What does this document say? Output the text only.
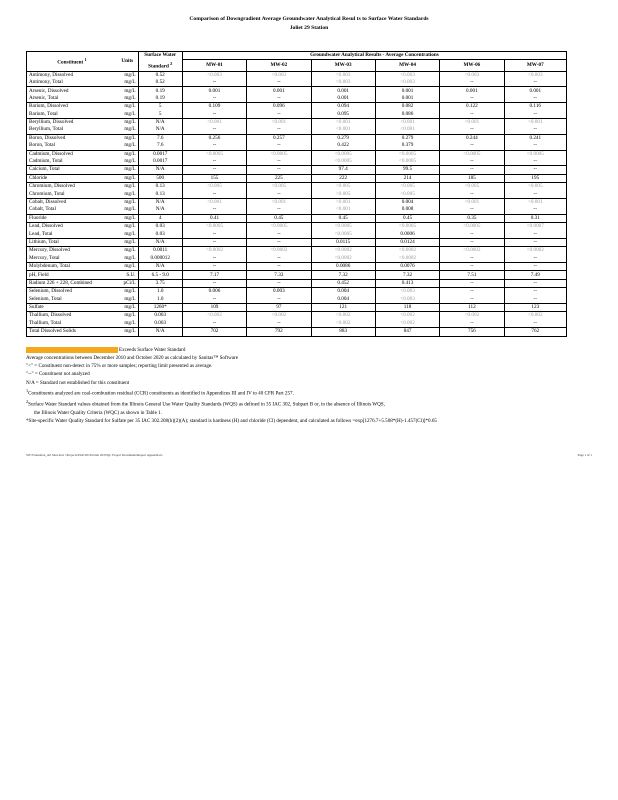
Comparison of Downgradient Average Groundwater Analytical Resul ts to Surface Water Standards
Joliet 29 Station
Constituent $^1$	Units	Surface Water	Groundwater Analytical Results - Average Concentrations					
		Standard $^2$	MW-01	MW-02	MW-03	MW-04	MW-06	MW-07
Antimony, Dissolved	mg/L	0.52	<0.003	<0.003	<0.003	<0.003	<0.003	<0.003
Antimony, Total	mg/L	0.52	--	--	<0.003	<0.003	--	--
Arsenic, Dissolved	mg/L	0.19	0.001	0.001	0.001	0.001	0.001	0.001
Arsenic, Total	mg/L	0.19	--	--	0.001	0.001	--	--
Barium, Dissolved	mg/L	5	0.109	0.096	0.094	0.082	0.122	0.116
Barium, Total	mg/L	5	--	--	0.095	0.086	--	--
Beryllium, Dissolved	mg/L	N/A	<0.001	<0.001	<0.001	<0.001	<0.001	<0.001
Beryllium, Total	mg/L	N/A	--	--	<0.001	<0.001	--	--
Boron, Dissolved	mg/L	7.6	0.256	0.257	0.279	0.279	0.244	0.241
Boron, Total	mg/L	7.6	--	--	0.422	0.379	--	--
Cadmium, Dissolved	mg/L	0.0017	<0.0005	<0.0005	<0.0005	<0.0005	<0.0005	<0.0005
Cadmium, Total	mg/L	0.0017	--	--	<0.0005	<0.0005	--	--
Calcium, Total	mg/L	N/A	--	--	97.4	99.5	--	--
Chloride	mg/L	500	155	225	222	214	185	195
Chromium, Dissolved	mg/L	0.13	<0.005	<0.005	<0.005	<0.005	<0.005	<0.005
Chromium, Total	mg/L	0.13	--	--	<0.005	<0.005	--	--
Cobalt, Dissolved	mg/L	N/A	<0.001	<0.001	<0.001	0.004	<0.001	<0.001
Cobalt, Total	mg/L	N/A	--	--	<0.001	0.008	--	--
Fluoride	mg/L	4	0.41	0.45	0.45	0.45	0.35	0.31
Lead, Dissolved	mg/L	0.03	<0.0005	<0.0005	<0.0005	<0.0005	<0.0005	<0.0007
Lead, Total	mg/L	0.03	--	--	<0.0005	0.0006	--	--
Lithium, Total	mg/L	N/A	--	--	0.0115	0.0124	--	--
Mercury, Dissolved	mg/L	0.0011	<0.0002	<0.0002	<0.0002	<0.0002	<0.0002	<0.0002
Mercury, Total	mg/L	0.000012	--	--	<0.0002	<0.0002	--	--
Molybdenum, Total	mg/L	N/A	--	--	0.0086	0.0076	--	--
pH, Field	S.U.	6.5 - 9.0	7.17	7.33	7.32	7.32	7.51	7.49
Radium 226 + 228, Combined	pCi/L	3.75	--	--	0.452	0.413	--	--
Selenium, Dissolved	mg/L	1.0	0.006	0.003	0.004	<0.003	--	--
Selenium, Total	mg/L	1.0	--	--	0.004	<0.003	--	--
Sulfate	mg/L	1260*	109	97	121	118	112	123
Thallium, Dissolved	mg/L	0.003	<0.002	<0.002	<0.002	<0.002	<0.002	<0.002
Thallium, Total	mg/L	0.003	--	--	<0.002	<0.002	--	--
Total Dissolved Solids	mg/L	N/A	702	792	883	847	756	762
Exceeds Surface Water Standard
Average concentrations between December 2010 and October 2020 as calculated by Sanitas™ Software
"<" = Constituent non-detect in 75% or more samples; reporting limit presented as average.
"--" = Constituent not analyzed
N/A = Standard not established for this constituent
$^1$Constituents analyzed are coal-combustion residual (CCR) constituents as identified in Appendices III and IV to 40 CFR Part 257.
$^2$Surface Water Standard values obtained from the Illinois General Use Water Quality Standards (WQS) as defined in 35 IAC 302, Subpart B or, in the absence of Illinois WQS,
the Illinois Water Quality Criteria (WQC) as shown in Table 1.
*Site-specific Water Quality Standard for Sulfate per 35 IAC 302.208(h)(2)(A); standard is hardness (H) and chloride (Cl) dependent, and calculated as follows =exp[1276.7+5.508*(H)-1.457(Cl)]*0.65
SW Evaluation_All Sites.xlsx \\Projects\EGE\2019\Joliet 29\WQC Project Documents\Report Appendices\	Page 1 of 1
